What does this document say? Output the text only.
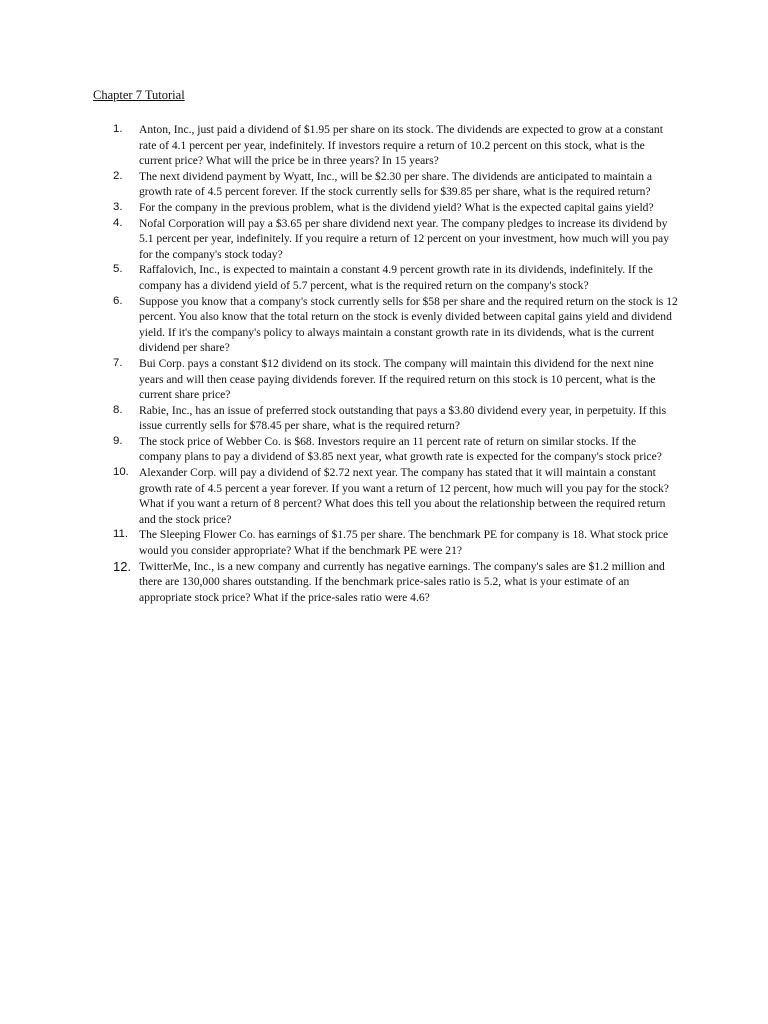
Chapter 7 Tutorial
1.	Anton, Inc., just paid a dividend of $1.95 per share on its stock. The dividends are expected to grow at a constant rate of 4.1 percent per year, indefinitely. If investors require a return of 10.2 percent on this stock, what is the current price? What will the price be in three years? In 15 years?
2.	The next dividend payment by Wyatt, Inc., will be $2.30 per share. The dividends are anticipated to maintain a growth rate of 4.5 percent forever. If the stock currently sells for $39.85 per share, what is the required return?
3.	For the company in the previous problem, what is the dividend yield? What is the expected capital gains yield?
4.	Nofal Corporation will pay a $3.65 per share dividend next year. The company pledges to increase its dividend by 5.1 percent per year, indefinitely. If you require a return of 12 percent on your investment, how much will you pay for the company's stock today?
5.	Raffalovich, Inc., is expected to maintain a constant 4.9 percent growth rate in its dividends, indefinitely. If the company has a dividend yield of 5.7 percent, what is the required return on the company's stock?
6.	Suppose you know that a company's stock currently sells for $58 per share and the required return on the stock is 12 percent. You also know that the total return on the stock is evenly divided between capital gains yield and dividend yield. If it's the company's policy to always maintain a constant growth rate in its dividends, what is the current dividend per share?
7.	Bui Corp. pays a constant $12 dividend on its stock. The company will maintain this dividend for the next nine years and will then cease paying dividends forever. If the required return on this stock is 10 percent, what is the current share price?
8.	Rabie, Inc., has an issue of preferred stock outstanding that pays a $3.80 dividend every year, in perpetuity. If this issue currently sells for $78.45 per share, what is the required return?
9.	The stock price of Webber Co. is $68. Investors require an 11 percent rate of return on similar stocks. If the company plans to pay a dividend of $3.85 next year, what growth rate is expected for the company's stock price?
10. Alexander Corp. will pay a dividend of $2.72 next year. The company has stated that it will maintain a constant growth rate of 4.5 percent a year forever. If you want a return of 12 percent, how much will you pay for the stock? What if you want a return of 8 percent? What does this tell you about the relationship between the required return and the stock price?
11. The Sleeping Flower Co. has earnings of $1.75 per share. The benchmark PE for company is 18. What stock price would you consider appropriate? What if the benchmark PE were 21?
12. TwitterMe, Inc., is a new company and currently has negative earnings. The company's sales are $1.2 million and there are 130,000 shares outstanding. If the benchmark price-sales ratio is 5.2, what is your estimate of an appropriate stock price? What if the price-sales ratio were 4.6?
